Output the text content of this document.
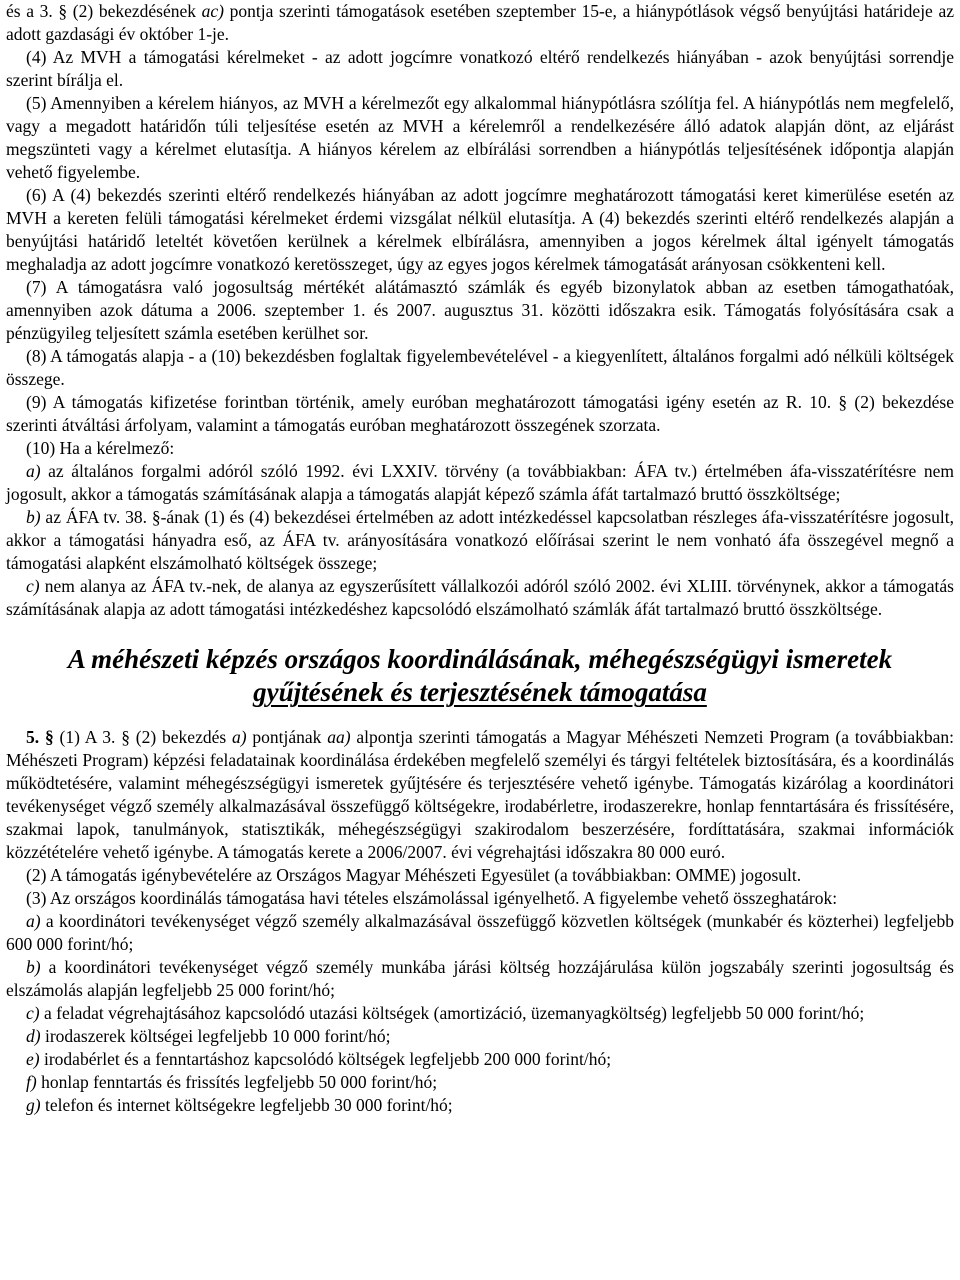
és a 3. § (2) bekezdésének ac) pontja szerinti támogatások esetében szeptember 15-e, a hiánypótlások végső benyújtási határideje az adott gazdasági év október 1-je.

(4) Az MVH a támogatási kérelmeket - az adott jogcímre vonatkozó eltérő rendelkezés hiányában - azok benyújtási sorrendje szerint bírálja el.

(5) Amennyiben a kérelem hiányos, az MVH a kérelmezőt egy alkalommal hiánypótlásra szólítja fel. A hiánypótlás nem megfelelő, vagy a megadott határidőn túli teljesítése esetén az MVH a kérelemről a rendelkezésére álló adatok alapján dönt, az eljárást megszünteti vagy a kérelmet elutasítja. A hiányos kérelem az elbírálási sorrendben a hiánypótlás teljesítésének időpontja alapján vehető figyelembe.

(6) A (4) bekezdés szerinti eltérő rendelkezés hiányában az adott jogcímre meghatározott támogatási keret kimerülése esetén az MVH a kereten felüli támogatási kérelmeket érdemi vizsgálat nélkül elutasítja. A (4) bekezdés szerinti eltérő rendelkezés alapján a benyújtási határidő leteltét követően kerülnek a kérelmek elbírálásra, amennyiben a jogos kérelmek által igényelt támogatás meghaladja az adott jogcímre vonatkozó keretösszeget, úgy az egyes jogos kérelmek támogatását arányosan csökkenteni kell.

(7) A támogatásra való jogosultság mértékét alátámasztó számlák és egyéb bizonylatok abban az esetben támogathatóak, amennyiben azok dátuma a 2006. szeptember 1. és 2007. augusztus 31. közötti időszakra esik. Támogatás folyósítására csak a pénzügyileg teljesített számla esetében kerülhet sor.

(8) A támogatás alapja - a (10) bekezdésben foglaltak figyelembevételével - a kiegyenlített, általános forgalmi adó nélküli költségek összege.

(9) A támogatás kifizetése forintban történik, amely euróban meghatározott támogatási igény esetén az R. 10. § (2) bekezdése szerinti átváltási árfolyam, valamint a támogatás euróban meghatározott összegének szorzata.

(10) Ha a kérelmező:

a) az általános forgalmi adóról szóló 1992. évi LXXIV. törvény (a továbbiakban: ÁFA tv.) értelmében áfa-visszatérítésre nem jogosult, akkor a támogatás számításának alapja a támogatás alapját képező számla áfát tartalmazó bruttó összköltsége;

b) az ÁFA tv. 38. §-ának (1) és (4) bekezdései értelmében az adott intézkedéssel kapcsolatban részleges áfa-visszatérítésre jogosult, akkor a támogatási hányadra eső, az ÁFA tv. arányosítására vonatkozó előírásai szerint le nem vonható áfa összegével megnő a támogatási alapként elszámolható költségek összege;

c) nem alanya az ÁFA tv.-nek, de alanya az egyszerűsített vállalkozói adóról szóló 2002. évi XLIII. törvénynek, akkor a támogatás számításának alapja az adott támogatási intézkedéshez kapcsolódó elszámolható számlák áfát tartalmazó bruttó összköltsége.

A méhészeti képzés országos koordinálásának, méhegészségügyi ismeretek
gyűjtésének és terjesztésének támogatása

5. § (1) A 3. § (2) bekezdés a) pontjának aa) alpontja szerinti támogatás a Magyar Méhészeti Nemzeti Program (a továbbiakban: Méhészeti Program) képzési feladatainak koordinálása érdekében megfelelő személyi és tárgyi feltételek biztosítására, és a koordinálás működtetésére, valamint méhegészségügyi ismeretek gyűjtésére és terjesztésére vehető igénybe. Támogatás kizárólag a koordinátori tevékenységet végző személy alkalmazásával összefüggő költségekre, irodabérletre, irodaszerekre, honlap fenntartására és frissítésére, szakmai lapok, tanulmányok, statisztikák, méhegészségügyi szakirodalom beszerzésére, fordíttatására, szakmai információk közzétételére vehető igénybe. A támogatás kerete a 2006/2007. évi végrehajtási időszakra 80 000 euró.

(2) A támogatás igénybevételére az Országos Magyar Méhészeti Egyesület (a továbbiakban: OMME) jogosult.

(3) Az országos koordinálás támogatása havi tételes elszámolással igényelhető. A figyelembe vehető összeghatárok:

a) a koordinátori tevékenységet végző személy alkalmazásával összefüggő közvetlen költségek (munkabér és közterhei) legfeljebb 600 000 forint/hó;

b) a koordinátori tevékenységet végző személy munkába járási költség hozzájárulása külön jogszabály szerinti jogosultság és elszámolás alapján legfeljebb 25 000 forint/hó;

c) a feladat végrehajtásához kapcsolódó utazási költségek (amortizáció, üzemanyagköltség) legfeljebb 50 000 forint/hó;

d) irodaszerek költségei legfeljebb 10 000 forint/hó;

e) irodabérlet és a fenntartáshoz kapcsolódó költségek legfeljebb 200 000 forint/hó;

f) honlap fenntartás és frissítés legfeljebb 50 000 forint/hó;

g) telefon és internet költségekre legfeljebb 30 000 forint/hó;
